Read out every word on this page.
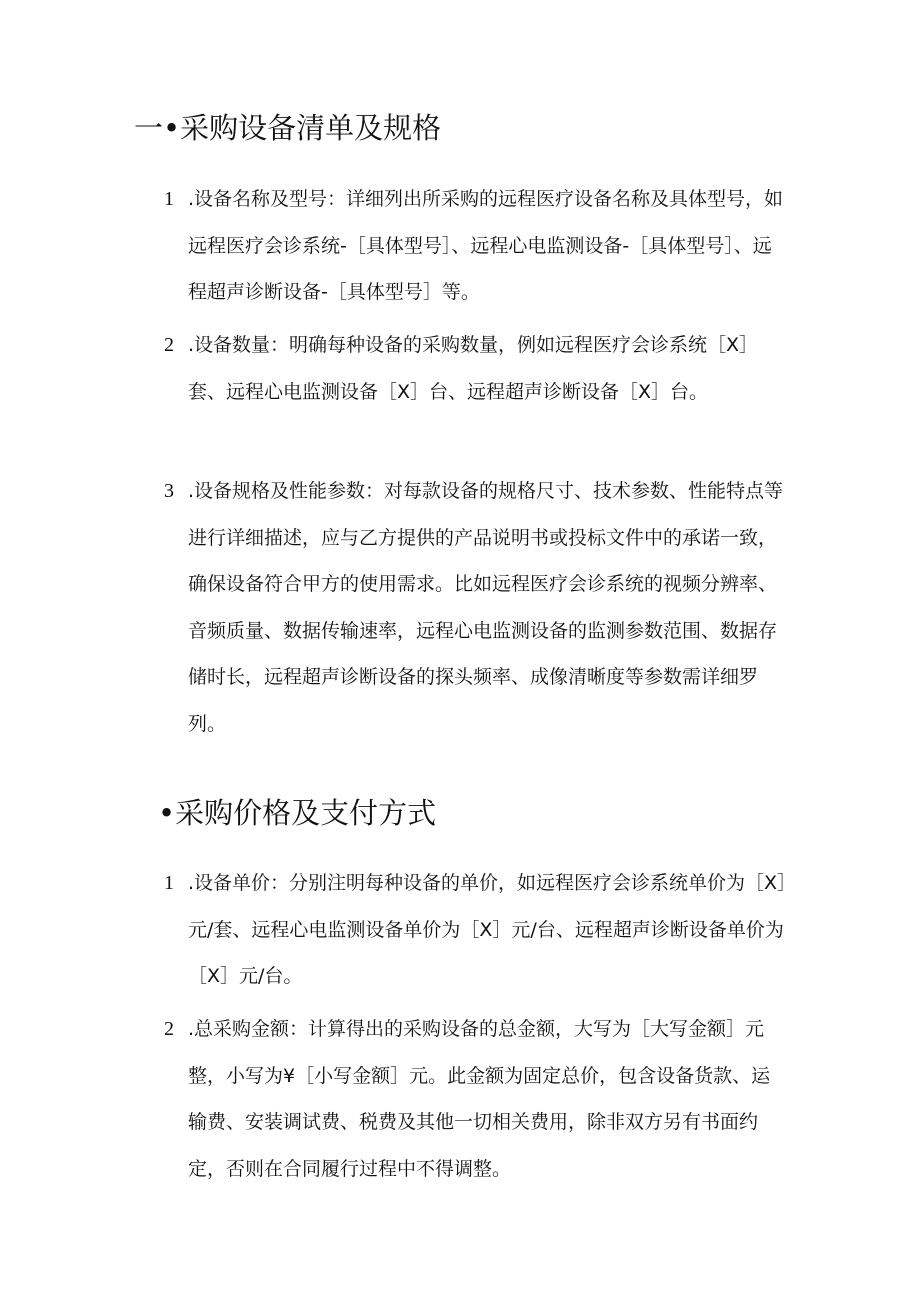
一•采购设备清单及规格
1 .设备名称及型号：详细列出所采购的远程医疗设备名称及具体型号，如远程医疗会诊系统-［具体型号］、远程心电监测设备-［具体型号］、远程超声诊断设备-［具体型号］等。

2 .设备数量：明确每种设备的采购数量，例如远程医疗会诊系统［X］套、远程心电监测设备［X］台、远程超声诊断设备［X］台。

3 .设备规格及性能参数：对每款设备的规格尺寸、技术参数、性能特点等进行详细描述，应与乙方提供的产品说明书或投标文件中的承诺一致，确保设备符合甲方的使用需求。比如远程医疗会诊系统的视频分辨率、音频质量、数据传输速率，远程心电监测设备的监测参数范围、数据存储时长，远程超声诊断设备的探头频率、成像清晰度等参数需详细罗列。

•采购价格及支付方式
1 .设备单价：分别注明每种设备的单价，如远程医疗会诊系统单价为［X］元/套、远程心电监测设备单价为［X］元/台、远程超声诊断设备单价为［X］元/台。

2 .总采购金额：计算得出的采购设备的总金额，大写为［大写金额］元整，小写为¥［小写金额］元。此金额为固定总价，包含设备货款、运输费、安装调试费、税费及其他一切相关费用，除非双方另有书面约定，否则在合同履行过程中不得调整。
